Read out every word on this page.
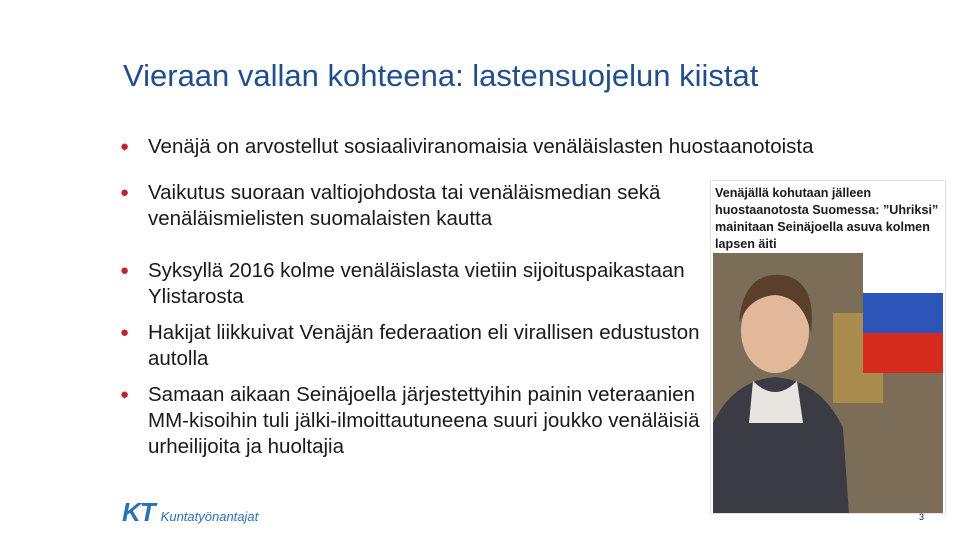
Vieraan vallan kohteena: lastensuojelun kiistat
● Venäjä on arvostellut sosiaaliviranomaisia venäläislasten huostaanotoista
● Vaikutus suoraan valtiojohdosta tai venäläismedian sekä venäläismielisten suomalaisten kautta
● Syksyllä 2016 kolme venäläislasta vietiin sijoituspaikastaan Ylistarosta
● Hakijat liikkuivat Venäjän federaation eli virallisen edustuston autolla
● Samaan aikaan Seinäjoella järjestettyihin painin veteraanien MM-kisoihin tuli jälki-ilmoittautuneena suuri joukko venäläisiä urheilijoita ja huoltajia
Venäjällä kohutaan jälleen huostaanotosta Suomessa: ”Uhriksi” mainitaan Seinäjoella asuva kolmen lapsen äiti
KT Kuntatyönantajat	3
